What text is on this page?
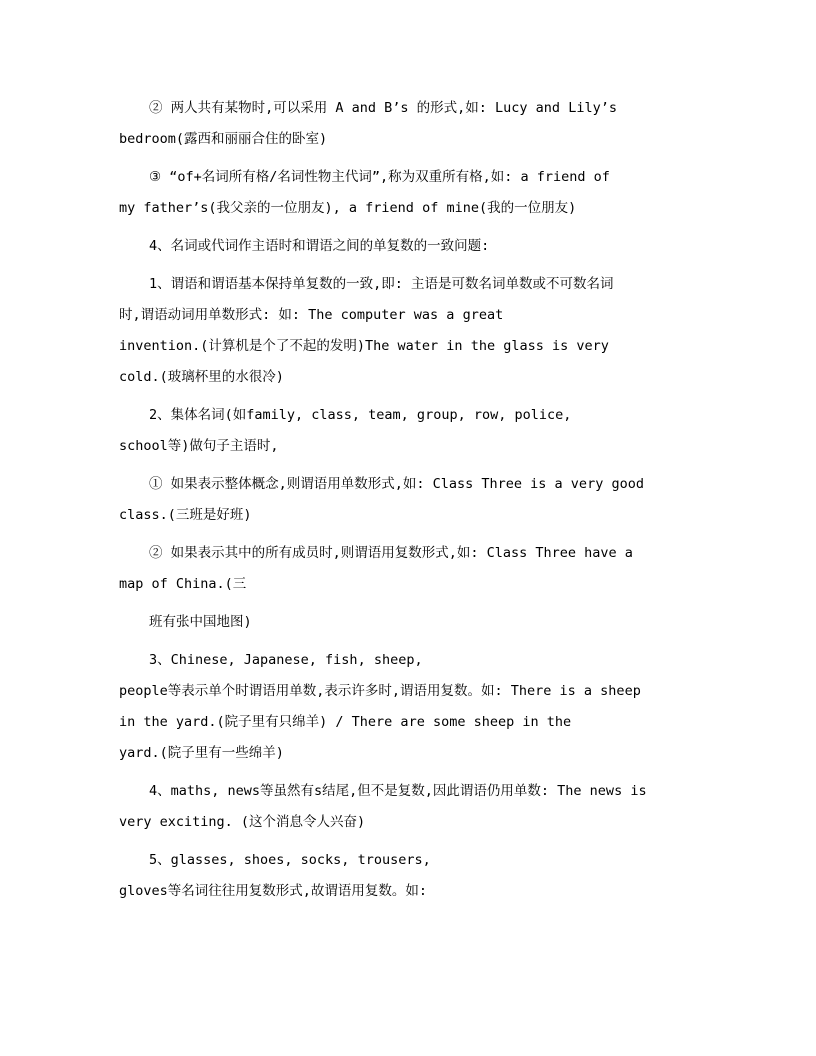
② 两人共有某物时,可以采用 A and B’s 的形式,如: Lucy and Lily’s
bedroom(露西和丽丽合住的卧室)
③ “of+名词所有格/名词性物主代词”,称为双重所有格,如: a friend of
my father’s(我父亲的一位朋友), a friend of mine(我的一位朋友)
4、名词或代词作主语时和谓语之间的单复数的一致问题:
1、谓语和谓语基本保持单复数的一致,即: 主语是可数名词单数或不可数名词
时,谓语动词用单数形式: 如: The computer was a great
invention.(计算机是个了不起的发明)The water in the glass is very
cold.(玻璃杯里的水很冷)
2、集体名词(如family, class, team, group, row, police,
school等)做句子主语时,
① 如果表示整体概念,则谓语用单数形式,如: Class Three is a very good
class.(三班是好班)
② 如果表示其中的所有成员时,则谓语用复数形式,如: Class Three have a
map of China.(三
班有张中国地图)
3、Chinese, Japanese, fish, sheep,
people等表示单个时谓语用单数,表示许多时,谓语用复数。如: There is a sheep
in the yard.(院子里有只绵羊) / There are some sheep in the
yard.(院子里有一些绵羊)
4、maths, news等虽然有s结尾,但不是复数,因此谓语仍用单数: The news is
very exciting. (这个消息令人兴奋)
5、glasses, shoes, socks, trousers,
gloves等名词往往用复数形式,故谓语用复数。如:
